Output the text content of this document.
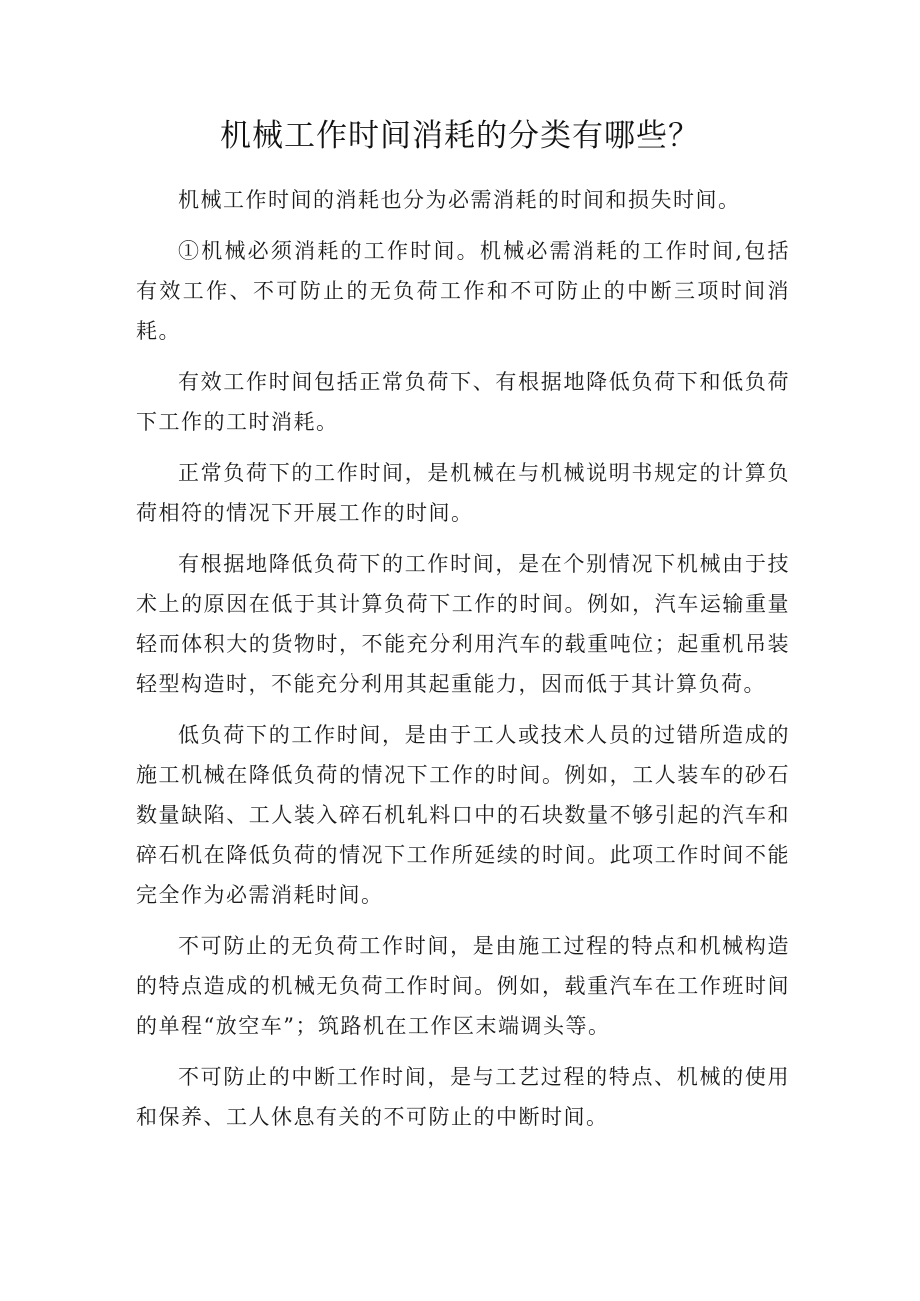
机械工作时间消耗的分类有哪些？

机械工作时间的消耗也分为必需消耗的时间和损失时间。

①机械必须消耗的工作时间。机械必需消耗的工作时间,包括有效工作、不可防止的无负荷工作和不可防止的中断三项时间消耗。

有效工作时间包括正常负荷下、有根据地降低负荷下和低负荷下工作的工时消耗。

正常负荷下的工作时间，是机械在与机械说明书规定的计算负荷相符的情况下开展工作的时间。

有根据地降低负荷下的工作时间，是在个别情况下机械由于技术上的原因在低于其计算负荷下工作的时间。例如，汽车运输重量轻而体积大的货物时，不能充分利用汽车的载重吨位；起重机吊装轻型构造时，不能充分利用其起重能力，因而低于其计算负荷。

低负荷下的工作时间，是由于工人或技术人员的过错所造成的施工机械在降低负荷的情况下工作的时间。例如，工人装车的砂石数量缺陷、工人装入碎石机轧料口中的石块数量不够引起的汽车和碎石机在降低负荷的情况下工作所延续的时间。此项工作时间不能完全作为必需消耗时间。

不可防止的无负荷工作时间，是由施工过程的特点和机械构造的特点造成的机械无负荷工作时间。例如，载重汽车在工作班时间的单程“放空车”；筑路机在工作区末端调头等。

不可防止的中断工作时间，是与工艺过程的特点、机械的使用和保养、工人休息有关的不可防止的中断时间。
